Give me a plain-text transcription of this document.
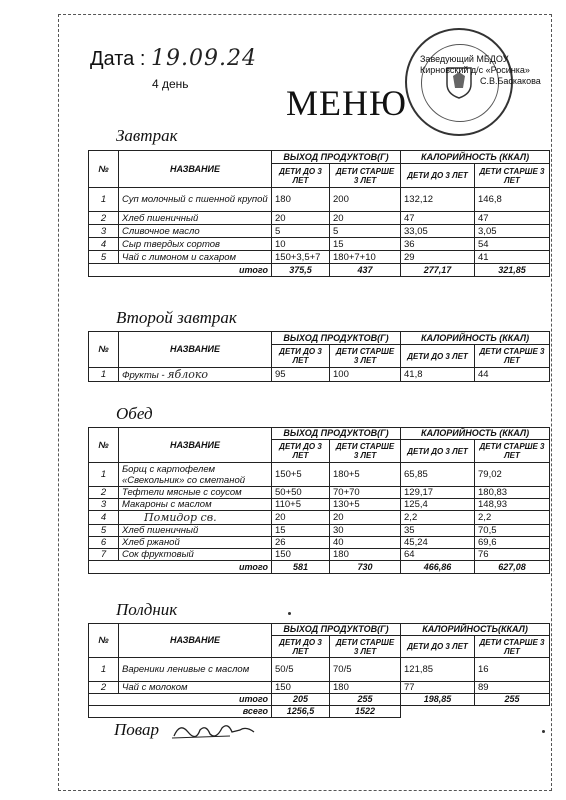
Дата : 19.09.24
4 день	МЕНЮ
Заведующий МБДОУ
Кирновский д/с «Росинка»
С.В.Баскакова
Завтрак
№	НАЗВАНИЕ	ВЫХОД ПРОДУКТОВ(Г)		КАЛОРИЙНОСТЬ (ККАЛ)	
		ДЕТИ ДО 3 ЛЕТ	ДЕТИ СТАРШЕ 3 ЛЕТ	ДЕТИ ДО 3 ЛЕТ	ДЕТИ СТАРШЕ 3 ЛЕТ
1	Суп молочный с пшенной крупой	180	200	132,12	146,8
2	Хлеб пшеничный	20	20	47	47
3	Сливочное масло	5	5	33,05	3,05
4	Сыр твердых сортов	10	15	36	54
5	Чай с лимоном и сахаром	150+3,5+7	180+7+10	29	41
итого		375,5	437	277,17	321,85
Второй завтрак
№	НАЗВАНИЕ	ВЫХОД ПРОДУКТОВ(Г)		КАЛОРИЙНОСТЬ (ККАЛ)	
		ДЕТИ ДО 3 ЛЕТ	ДЕТИ СТАРШЕ 3 ЛЕТ	ДЕТИ ДО 3 ЛЕТ	ДЕТИ СТАРШЕ 3 ЛЕТ
1	Фрукты - яблоко	95	100	41,8	44
Обед
№	НАЗВАНИЕ	ВЫХОД ПРОДУКТОВ(Г)		КАЛОРИЙНОСТЬ (ККАЛ)	
		ДЕТИ ДО 3 ЛЕТ	ДЕТИ СТАРШЕ 3 ЛЕТ	ДЕТИ ДО 3 ЛЕТ	ДЕТИ СТАРШЕ 3 ЛЕТ
1	Борщ с картофелем «Свекольник» со сметаной	150+5	180+5	65,85	79,02
2	Тефтели мясные с соусом	50+50	70+70	129,17	180,83
3	Макароны с маслом	110+5	130+5	125,4	148,93
4	Помидор св.	20	20	2,2	2,2
5	Хлеб пшеничный	15	30	35	70,5
6	Хлеб ржаной	26	40	45,24	69,6
7	Сок фруктовый	150	180	64	76
итого		581	730	466,86	627,08
Полдник
№	НАЗВАНИЕ	ВЫХОД ПРОДУКТОВ(Г)		КАЛОРИЙНОСТЬ(ККАЛ)	
		ДЕТИ ДО 3 ЛЕТ	ДЕТИ СТАРШЕ 3 ЛЕТ	ДЕТИ ДО 3 ЛЕТ	ДЕТИ СТАРШЕ 3 ЛЕТ
1	Вареники ленивые с маслом	50/5	70/5	121,85	16
2	Чай с молоком	150	180	77	89
итого		205	255	198,85	255
всего		1256,5	1522		
Повар
